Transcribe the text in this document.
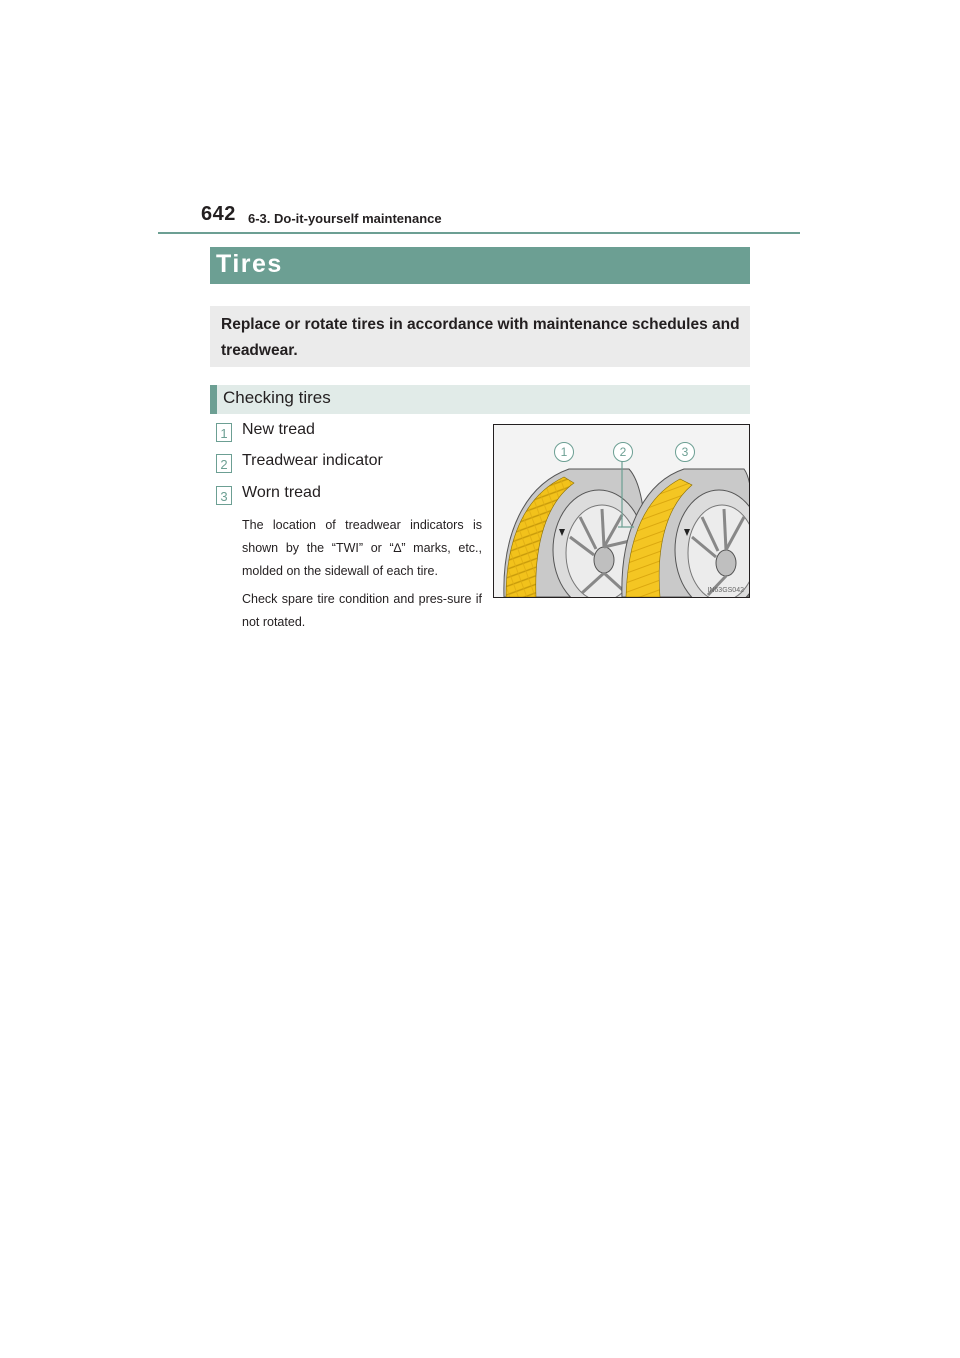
642 6-3. Do-it-yourself maintenance
Tires

Replace or rotate tires in accordance with maintenance schedules and treadwear.

Checking tires
1 New tread
2 Treadwear indicator
3 Worn tread

The location of treadwear indicators is shown by the “TWI” or “∆” marks, etc., molded on the sidewall of each tire.

Check spare tire condition and pres-sure if not rotated.

1	2	3
IN63GS042
